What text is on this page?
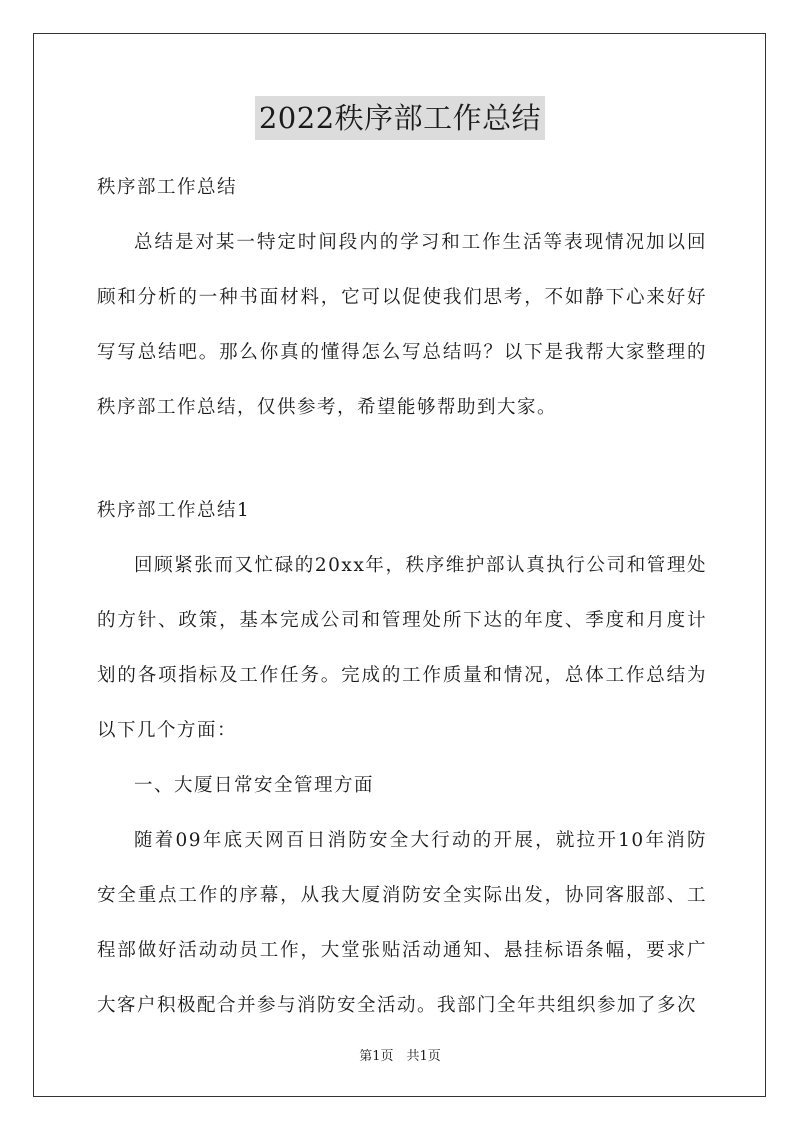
2022秩序部工作总结

秩序部工作总结

总结是对某一特定时间段内的学习和工作生活等表现情况加以回顾和分析的一种书面材料，它可以促使我们思考，不如静下心来好好写写总结吧。那么你真的懂得怎么写总结吗？以下是我帮大家整理的秩序部工作总结，仅供参考，希望能够帮助到大家。

秩序部工作总结1

回顾紧张而又忙碌的20xx年，秩序维护部认真执行公司和管理处的方针、政策，基本完成公司和管理处所下达的年度、季度和月度计划的各项指标及工作任务。完成的工作质量和情况，总体工作总结为以下几个方面：

一、大厦日常安全管理方面

随着09年底天网百日消防安全大行动的开展，就拉开10年消防安全重点工作的序幕，从我大厦消防安全实际出发，协同客服部、工程部做好活动动员工作，大堂张贴活动通知、悬挂标语条幅，要求广大客户积极配合并参与消防安全活动。我部门全年共组织参加了多次

第1页　共1页
